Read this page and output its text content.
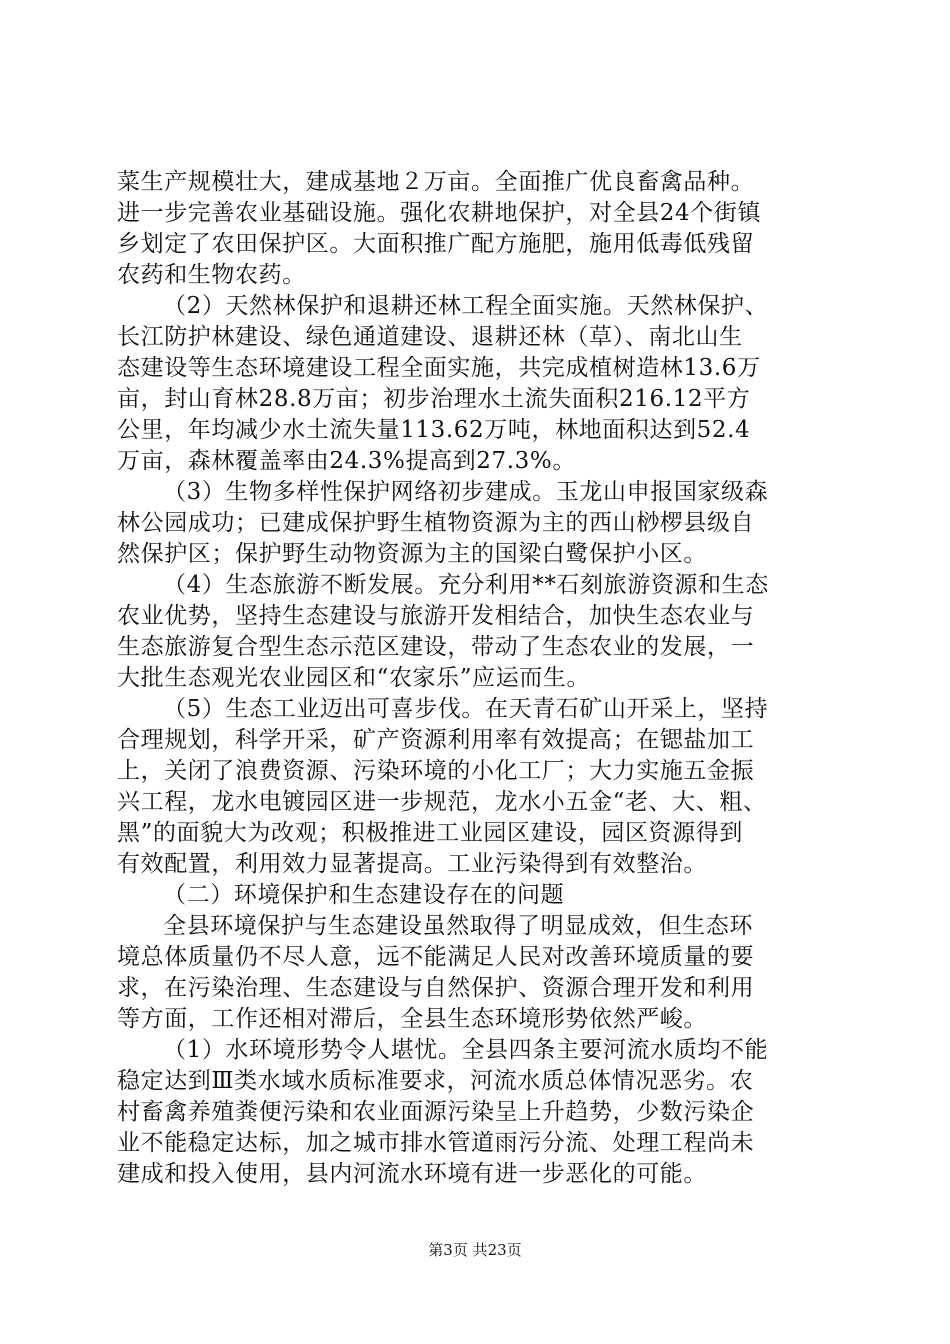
菜生产规模壮大，建成基地２万亩。全面推广优良畜禽品种。
进一步完善农业基础设施。强化农耕地保护，对全县24个街镇
乡划定了农田保护区。大面积推广配方施肥，施用低毒低残留
农药和生物农药。
（2）天然林保护和退耕还林工程全面实施。天然林保护、
长江防护林建设、绿色通道建设、退耕还林（草）、南北山生
态建设等生态环境建设工程全面实施，共完成植树造林13.6万
亩，封山育林28.8万亩；初步治理水土流失面积216.12平方
公里，年均减少水土流失量113.62万吨，林地面积达到52.4
万亩，森林覆盖率由24.3%提高到27.3%。
（3）生物多样性保护网络初步建成。玉龙山申报国家级森
林公园成功；已建成保护野生植物资源为主的西山桫椤县级自
然保护区；保护野生动物资源为主的国梁白鹭保护小区。
（4）生态旅游不断发展。充分利用**石刻旅游资源和生态
农业优势，坚持生态建设与旅游开发相结合，加快生态农业与
生态旅游复合型生态示范区建设，带动了生态农业的发展，一
大批生态观光农业园区和“农家乐”应运而生。
（5）生态工业迈出可喜步伐。在天青石矿山开采上，坚持
合理规划，科学开采，矿产资源利用率有效提高；在锶盐加工
上，关闭了浪费资源、污染环境的小化工厂；大力实施五金振
兴工程，龙水电镀园区进一步规范，龙水小五金“老、大、粗、
黑”的面貌大为改观；积极推进工业园区建设，园区资源得到
有效配置，利用效力显著提高。工业污染得到有效整治。
（二）环境保护和生态建设存在的问题
全县环境保护与生态建设虽然取得了明显成效，但生态环
境总体质量仍不尽人意，远不能满足人民对改善环境质量的要
求，在污染治理、生态建设与自然保护、资源合理开发和利用
等方面，工作还相对滞后，全县生态环境形势依然严峻。
（1）水环境形势令人堪忧。全县四条主要河流水质均不能
稳定达到Ⅲ类水域水质标准要求，河流水质总体情况恶劣。农
村畜禽养殖粪便污染和农业面源污染呈上升趋势，少数污染企
业不能稳定达标，加之城市排水管道雨污分流、处理工程尚未
建成和投入使用，县内河流水环境有进一步恶化的可能。
第3页 共23页
